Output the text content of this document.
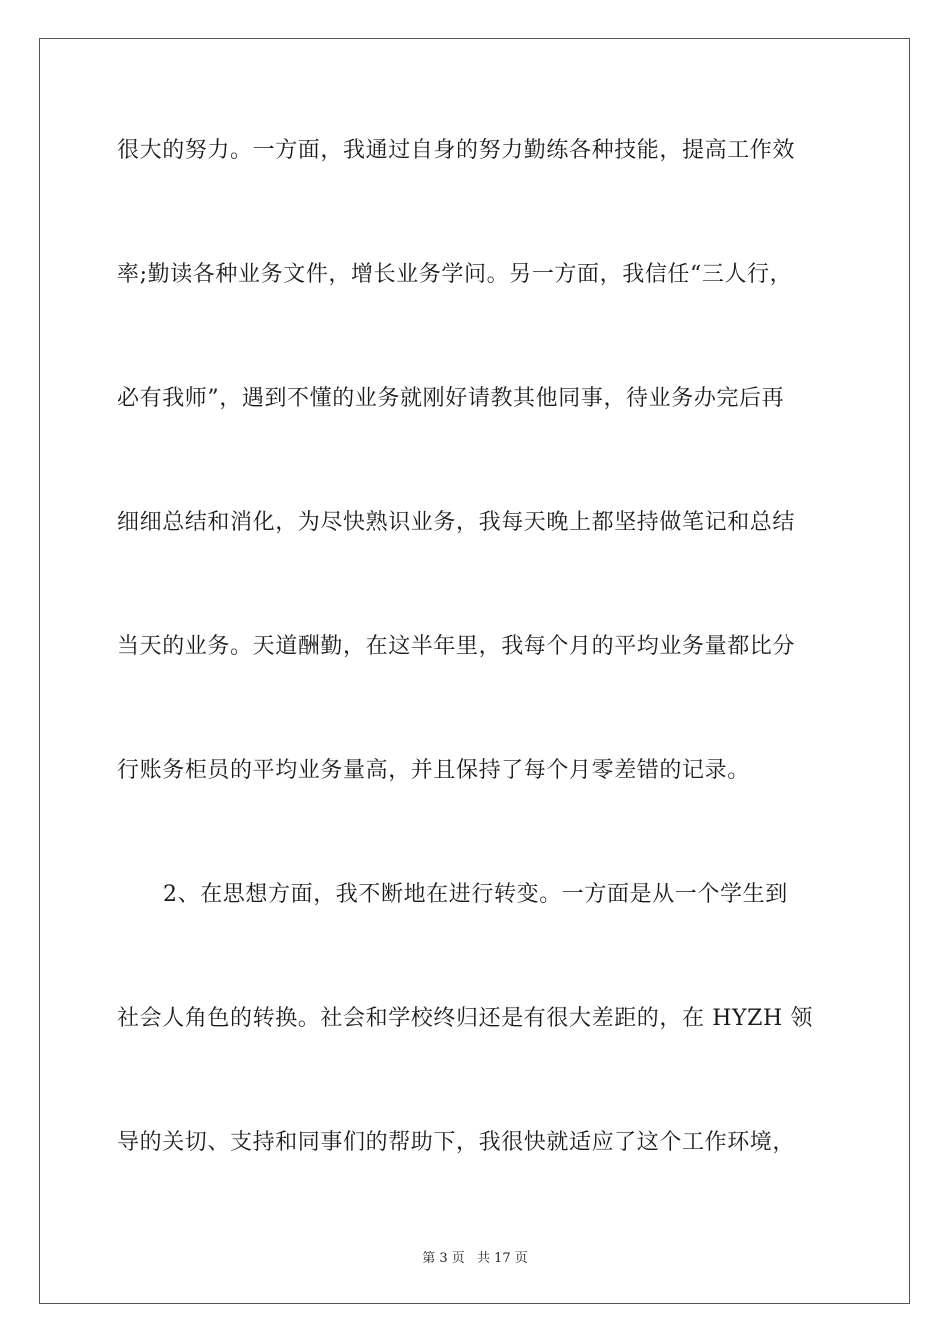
很大的努力。一方面，我通过自身的努力勤练各种技能，提高工作效
率;勤读各种业务文件，增长业务学问。另一方面，我信任“三人行，
必有我师”，遇到不懂的业务就刚好请教其他同事，待业务办完后再
细细总结和消化，为尽快熟识业务，我每天晚上都坚持做笔记和总结
当天的业务。天道酬勤，在这半年里，我每个月的平均业务量都比分
行账务柜员的平均业务量高，并且保持了每个月零差错的记录。
2、在思想方面，我不断地在进行转变。一方面是从一个学生到
社会人角色的转换。社会和学校终归还是有很大差距的，在 HYZH 领
导的关切、支持和同事们的帮助下，我很快就适应了这个工作环境，
第 3 页 共 17 页
